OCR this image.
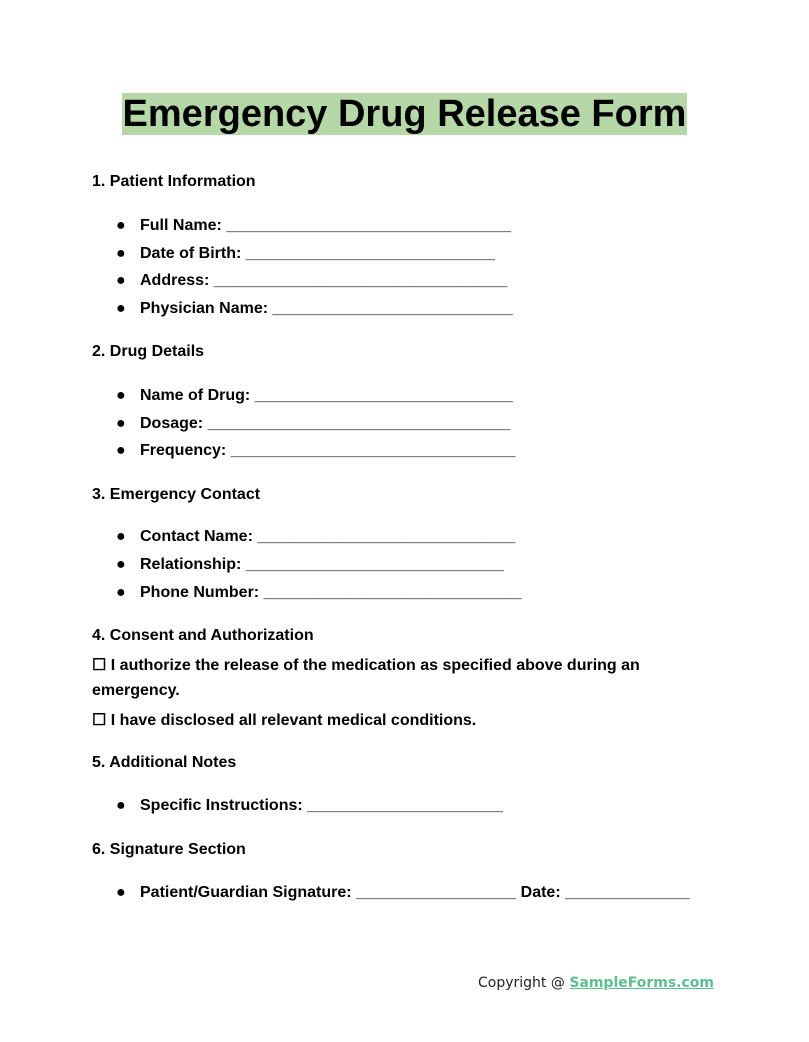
Emergency Drug Release Form
1. Patient Information
● Full Name: ________________________________
● Date of Birth: ____________________________
● Address: _________________________________
● Physician Name: ___________________________
2. Drug Details
● Name of Drug: _____________________________
● Dosage: __________________________________
● Frequency: ________________________________
3. Emergency Contact
● Contact Name: _____________________________
● Relationship: _____________________________
● Phone Number: _____________________________
4. Consent and Authorization
☐ I authorize the release of the medication as specified above during an
emergency.
☐ I have disclosed all relevant medical conditions.
5. Additional Notes
● Specific Instructions: ______________________
6. Signature Section
● Patient/Guardian Signature: __________________ Date: ______________
Copyright @ SampleForms.com
